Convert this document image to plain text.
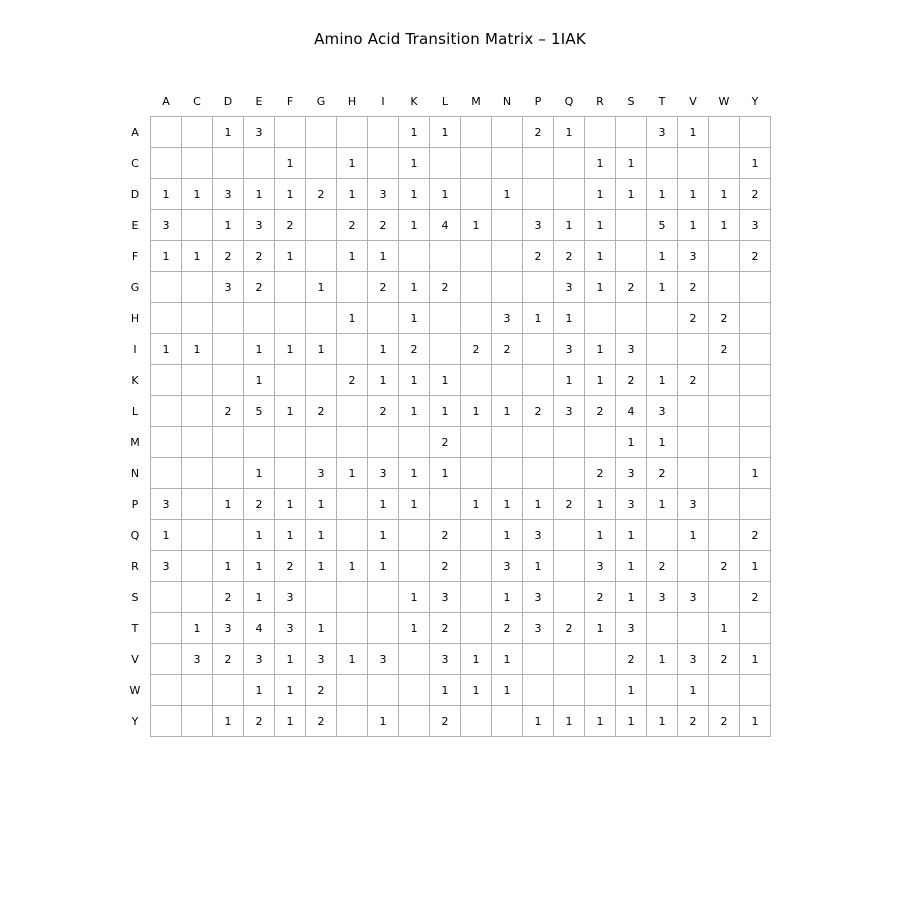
Amino Acid Transition Matrix – 1IAK
	A	C	D	E	F	G	H	I	K	L	M	N	P	Q	R	S	T	V	W	Y
A			1	3					1	1			2	1			3	1		
C					1		1		1						1	1				1
D	1	1	3	1	1	2	1	3	1	1		1			1	1	1	1	1	2
E	3		1	3	2		2	2	1	4	1		3	1	1		5	1	1	3
F	1	1	2	2	1		1	1					2	2	1		1	3		2
G			3	2		1		2	1	2				3	1	2	1	2		
H							1		1			3	1	1				2	2	
I	1	1		1	1	1		1	2		2	2		3	1	3			2	
K				1			2	1	1	1				1	1	2	1	2		
L			2	5	1	2		2	1	1	1	1	2	3	2	4	3			
M										2						1	1			
N				1		3	1	3	1	1					2	3	2			1
P	3		1	2	1	1		1	1		1	1	1	2	1	3	1	3		
Q	1			1	1	1		1		2		1	3		1	1		1		2
R	3		1	1	2	1	1	1		2		3	1		3	1	2		2	1
S			2	1	3				1	3		1	3		2	1	3	3		2
T		1	3	4	3	1			1	2		2	3	2	1	3		7	1	
V		3	2	3	1	3	1	3		3	1	1				2	1	3	2	1
W				1	1	2				1	1	1				1		1		
Y			1	2	1	2		1		2			1	1	1	1	1	2	2	1
